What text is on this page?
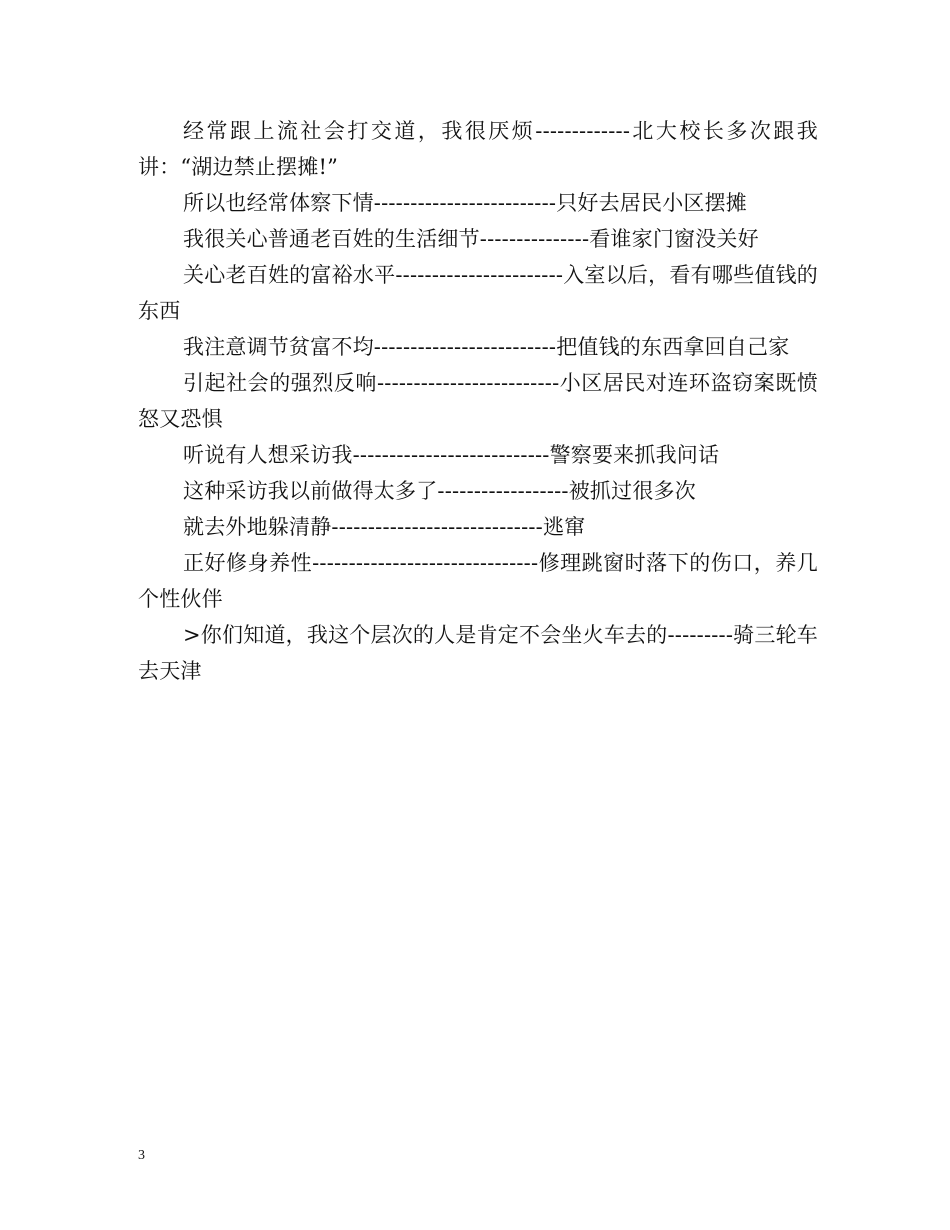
经常跟上流社会打交道，我很厌烦-------------北大校长多次跟我讲：“湖边禁止摆摊!”

所以也经常体察下情-------------------------只好去居民小区摆摊

我很关心普通老百姓的生活细节---------------看谁家门窗没关好

关心老百姓的富裕水平-----------------------入室以后，看有哪些值钱的东西

我注意调节贫富不均-------------------------把值钱的东西拿回自己家

引起社会的强烈反响-------------------------小区居民对连环盗窃案既愤怒又恐惧

听说有人想采访我---------------------------警察要来抓我问话

这种采访我以前做得太多了------------------被抓过很多次

就去外地躲清静-----------------------------逃窜

正好修身养性-------------------------------修理跳窗时落下的伤口，养几个性伙伴

>你们知道，我这个层次的人是肯定不会坐火车去的---------骑三轮车去天津

3
